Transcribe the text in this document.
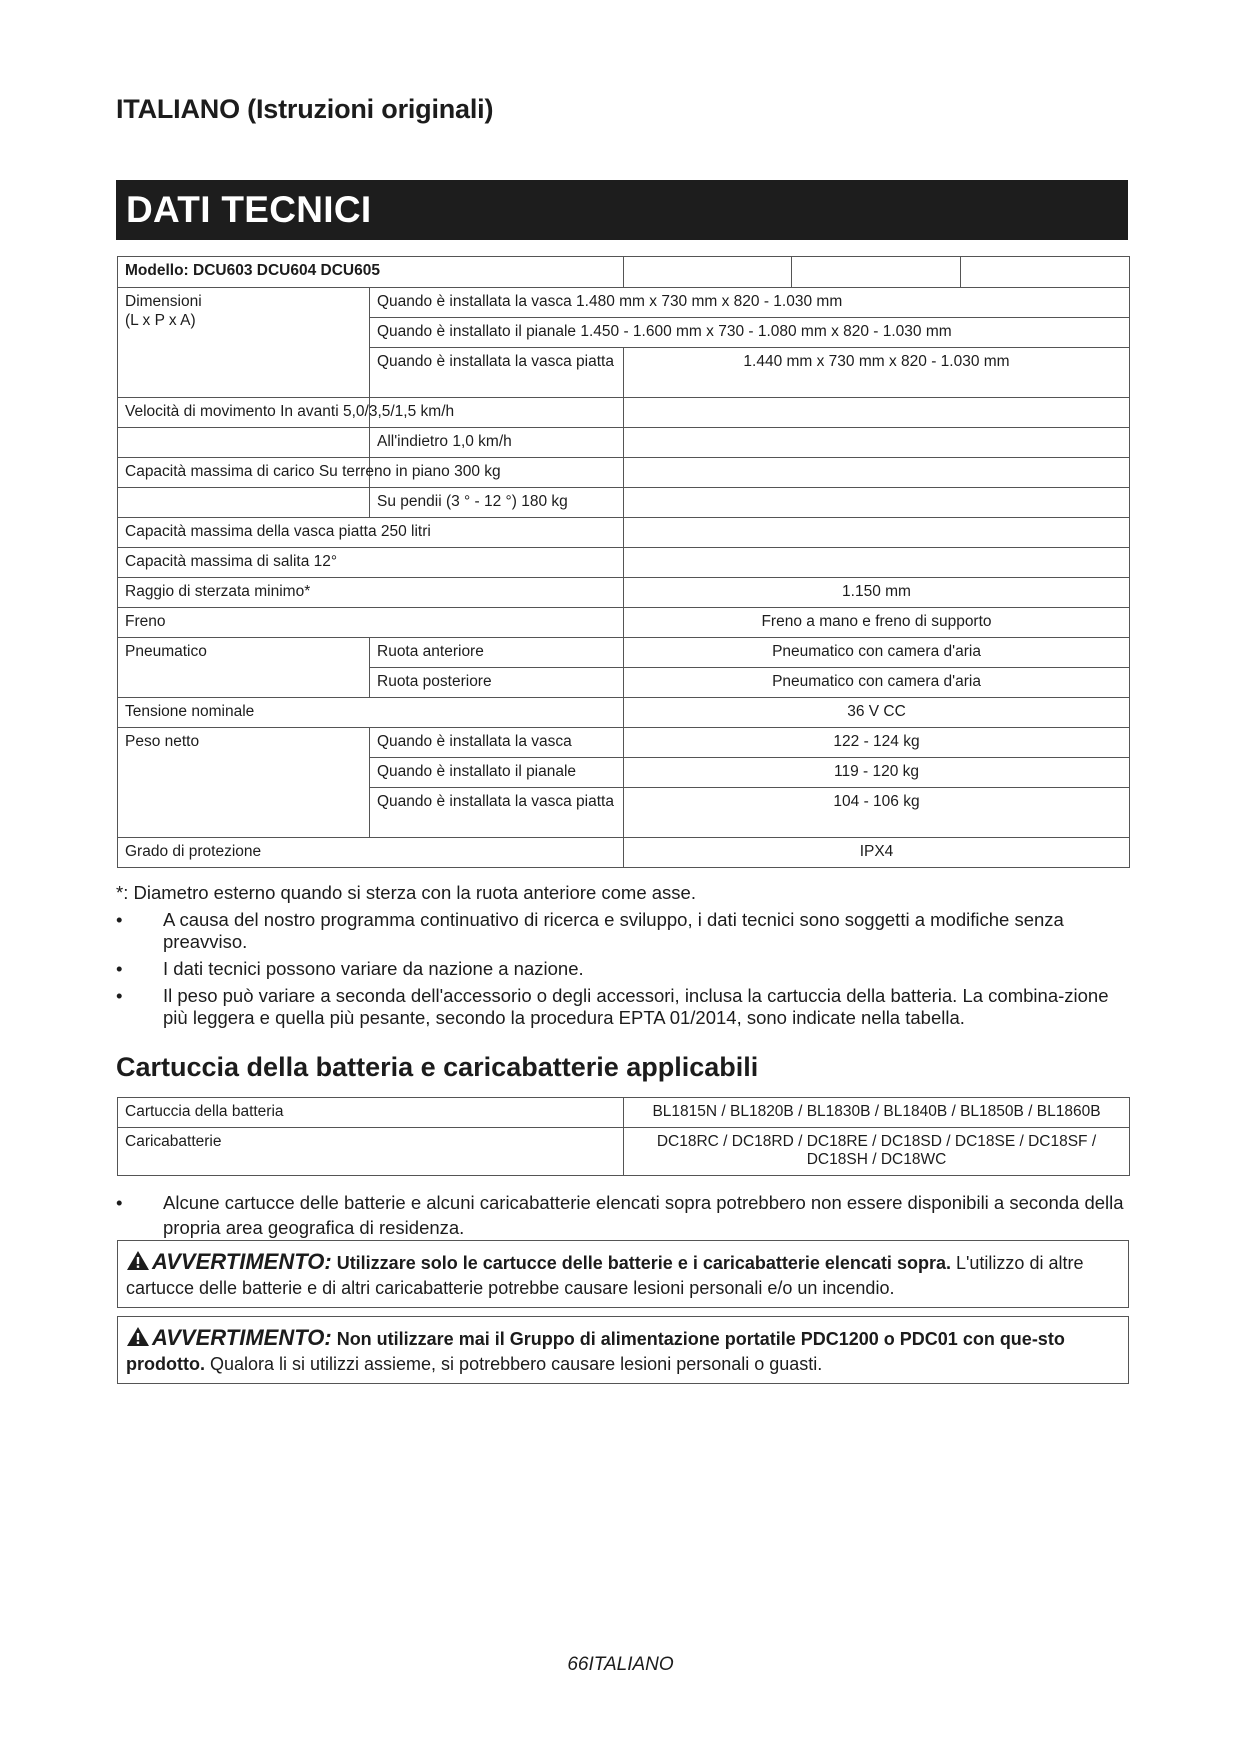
ITALIANO (Istruzioni originali)
DATI TECNICI
Modello: DCU603 DCU604 DCU605				
Dimensioni
(L x P x A)	Quando è installata la vasca 1.480 mm x 730 mm x 820 - 1.030 mm			
	Quando è installato il pianale 1.450 - 1.600 mm x 730 - 1.080 mm x 820 - 1.030 mm			
	Quando è installata la vasca piatta	1.440 mm x 730 mm x 820 - 1.030 mm		
Velocità di movimento In avanti 5,0/3,5/1,5 km/h				
	All'indietro 1,0 km/h			
Capacità massima di carico Su terreno in piano 300 kg				
	Su pendii (3 ° - 12 °) 180 kg			
Capacità massima della vasca piatta 250 litri				
Capacità massima di salita 12°				
Raggio di sterzata minimo*		1.150 mm		
Freno		Freno a mano e freno di supporto		
Pneumatico	Ruota anteriore	Pneumatico con camera d'aria		
	Ruota posteriore	Pneumatico con camera d'aria		
Tensione nominale		36 V CC		
Peso netto	Quando è installata la vasca	122 - 124 kg		
	Quando è installato il pianale	119 - 120 kg		
	Quando è installata la vasca piatta	104 - 106 kg		
Grado di protezione		IPX4		

*: Diametro esterno quando si sterza con la ruota anteriore come asse.

• A causa del nostro programma continuativo di ricerca e sviluppo, i dati tecnici sono soggetti a modifiche senza preavviso.

• I dati tecnici possono variare da nazione a nazione.

• Il peso può variare a seconda dell'accessorio o degli accessori, inclusa la cartuccia della batteria. La combina-zione più leggera e quella più pesante, secondo la procedura EPTA 01/2014, sono indicate nella tabella.

Cartuccia della batteria e caricabatterie applicabili
Cartuccia della batteria	BL1815N / BL1820B / BL1830B / BL1840B / BL1850B / BL1860B
Caricabatterie	DC18RC / DC18RD / DC18RE / DC18SD / DC18SE / DC18SF / DC18SH / DC18WC
• Alcune cartucce delle batterie e alcuni caricabatterie elencati sopra potrebbero non essere disponibili a seconda della propria area geografica di residenza.
AVVERTIMENTO: Utilizzare solo le cartucce delle batterie e i caricabatterie elencati sopra. L'utilizzo di altre cartucce delle batterie e di altri caricabatterie potrebbe causare lesioni personali e/o un incendio.
AVVERTIMENTO: Non utilizzare mai il Gruppo di alimentazione portatile PDC1200 o PDC01 con que-sto prodotto. Qualora li si utilizzi assieme, si potrebbero causare lesioni personali o guasti.
66ITALIANO
